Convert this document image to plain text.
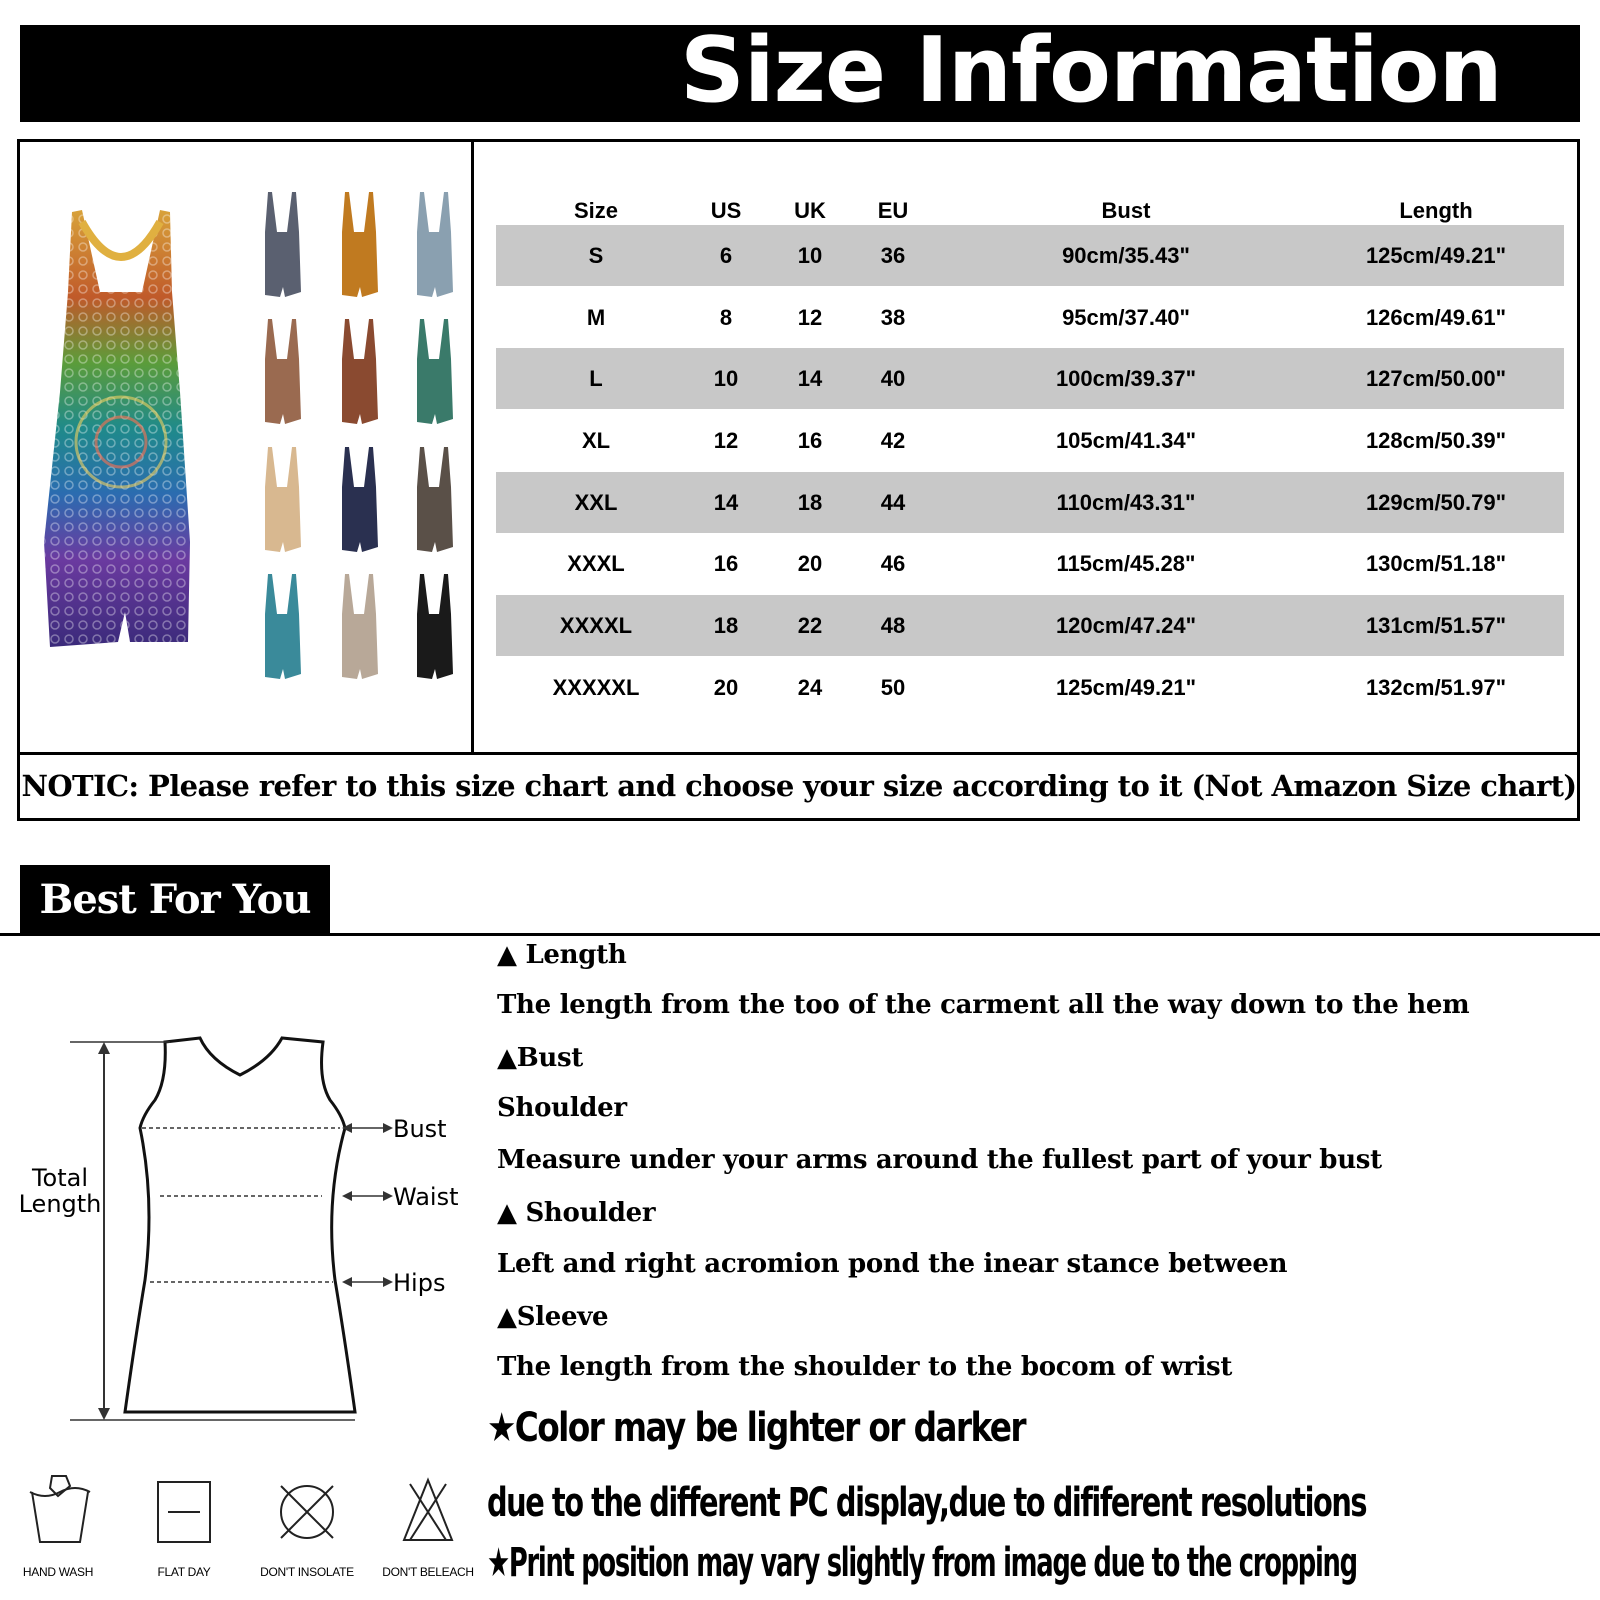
Size Information
Size	US	UK	EU	Bust	Length
S	6	10	36	90cm/35.43"	125cm/49.21"
M	8	12	38	95cm/37.40"	126cm/49.61"
L	10	14	40	100cm/39.37"	127cm/50.00"
XL	12	16	42	105cm/41.34"	128cm/50.39"
XXL	14	18	44	110cm/43.31"	129cm/50.79"
XXXL	16	20	46	115cm/45.28"	130cm/51.18"
XXXXL	18	22	48	120cm/47.24"	131cm/51.57"
XXXXXL	20	24	50	125cm/49.21"	132cm/51.97"
NOTIC: Please refer to this size chart and choose your size according to it (Not Amazon Size chart)
Best For You
Total
Length
Bust
Waist
Hips
▲ Length
The length from the too of the carment all the way down to the hem
▲Bust
Shoulder
Measure under your arms around the fullest part of your bust
▲ Shoulder
Left and right acromion pond the inear stance between
▲Sleeve
The length from the shoulder to the bocom of wrist
★Color may be lighter or darker
due to the different PC display,due to dififerent resolutions
★Print position may vary slightly from image due to the cropping
HAND WASH	FLAT DAY	DON'T INSOLATE	DON'T BELEACH
